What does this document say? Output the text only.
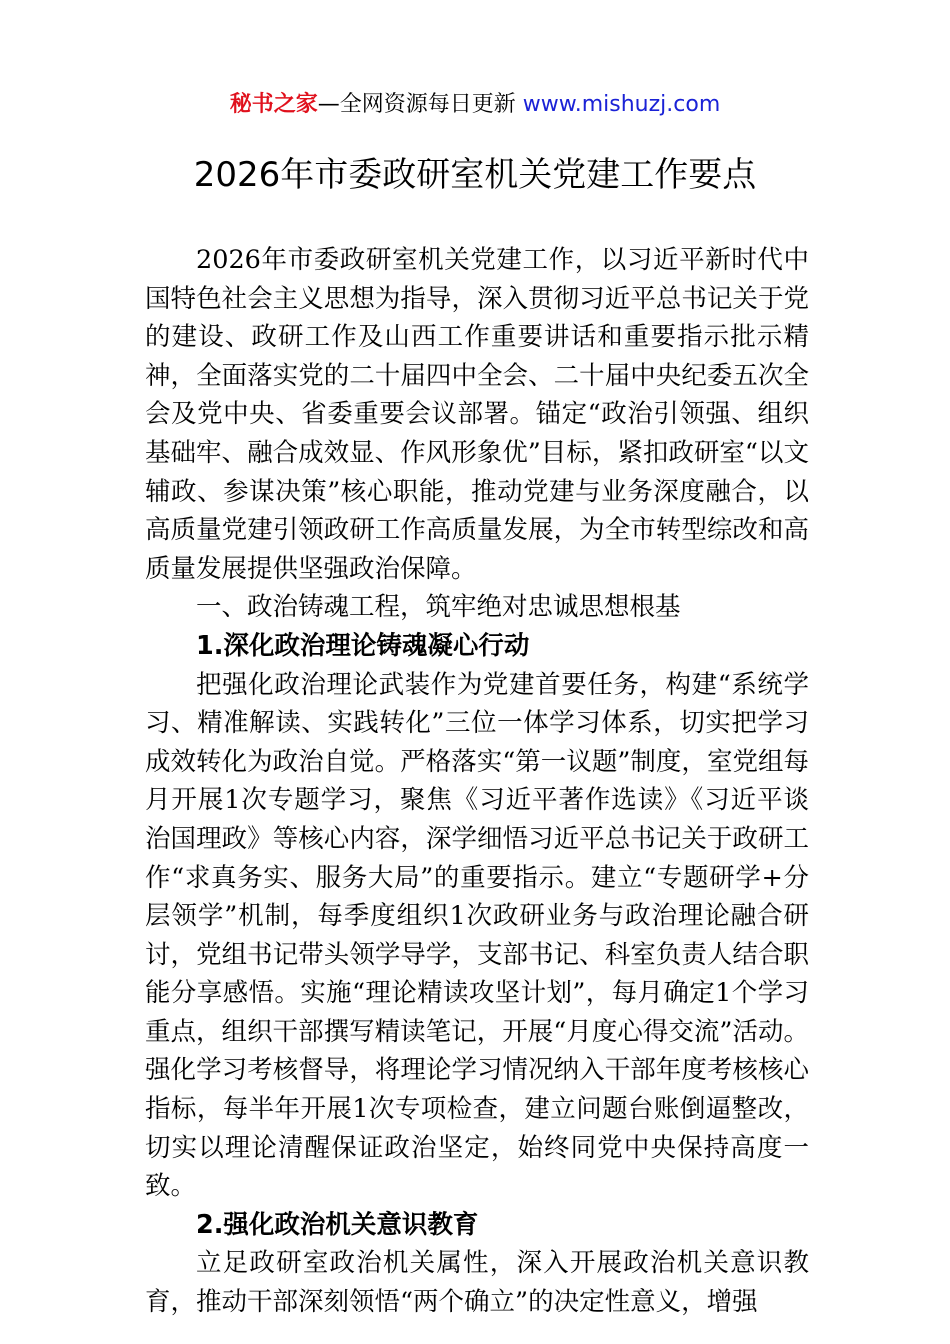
秘书之家—全网资源每日更新 www.mishuzj.com
2026年市委政研室机关党建工作要点

2026年市委政研室机关党建工作，以习近平新时代中国特色社会主义思想为指导，深入贯彻习近平总书记关于党的建设、政研工作及山西工作重要讲话和重要指示批示精神，全面落实党的二十届四中全会、二十届中央纪委五次全会及党中央、省委重要会议部署。锚定“政治引领强、组织基础牢、融合成效显、作风形象优”目标，紧扣政研室“以文辅政、参谋决策”核心职能，推动党建与业务深度融合，以高质量党建引领政研工作高质量发展，为全市转型综改和高质量发展提供坚强政治保障。

一、政治铸魂工程，筑牢绝对忠诚思想根基

1.深化政治理论铸魂凝心行动

把强化政治理论武装作为党建首要任务，构建“系统学习、精准解读、实践转化”三位一体学习体系，切实把学习成效转化为政治自觉。严格落实“第一议题”制度，室党组每月开展1次专题学习，聚焦《习近平著作选读》《习近平谈治国理政》等核心内容，深学细悟习近平总书记关于政研工作“求真务实、服务大局”的重要指示。建立“专题研学+分层领学”机制，每季度组织1次政研业务与政治理论融合研讨，党组书记带头领学导学，支部书记、科室负责人结合职能分享感悟。实施“理论精读攻坚计划”，每月确定1个学习重点，组织干部撰写精读笔记，开展“月度心得交流”活动。强化学习考核督导，将理论学习情况纳入干部年度考核核心指标，每半年开展1次专项检查，建立问题台账倒逼整改，切实以理论清醒保证政治坚定，始终同党中央保持高度一致。

2.强化政治机关意识教育

立足政研室政治机关属性，深入开展政治机关意识教育，推动干部深刻领悟“两个确立”的决定性意义，增强
